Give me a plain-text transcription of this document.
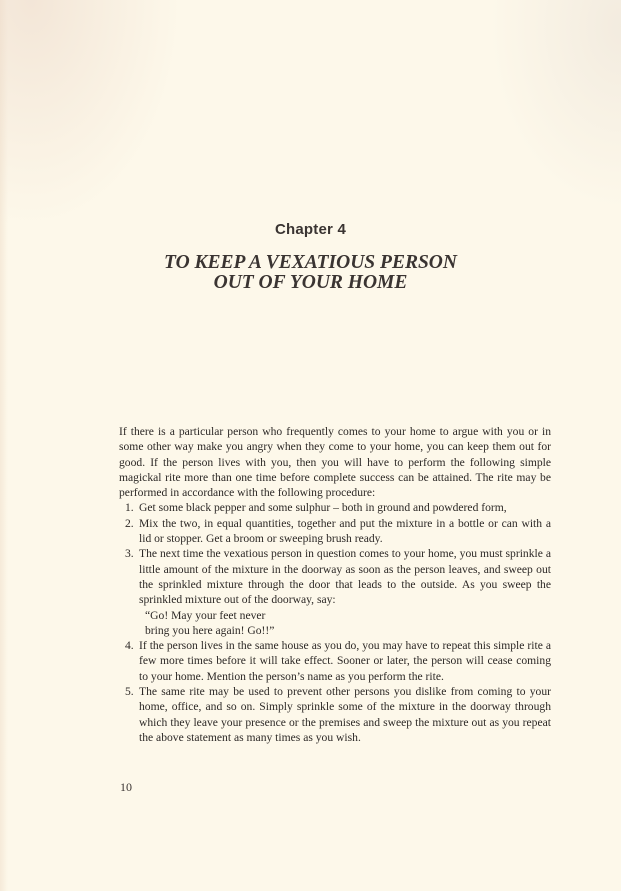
Chapter 4
TO KEEP A VEXATIOUS PERSON
OUT OF YOUR HOME

If there is a particular person who frequently comes to your home to argue with you or in some other way make you angry when they come to your home, you can keep them out for good. If the person lives with you, then you will have to perform the following simple magickal rite more than one time before complete success can be attained. The rite may be performed in accordance with the following procedure:

1. Get some black pepper and some sulphur – both in ground and powdered form,
2. Mix the two, in equal quantities, together and put the mixture in a bottle or can with a lid or stopper. Get a broom or sweeping brush ready.
3. The next time the vexatious person in question comes to your home, you must sprinkle a little amount of the mixture in the doorway as soon as the person leaves, and sweep out the sprinkled mixture through the door that leads to the outside. As you sweep the sprinkled mixture out of the doorway, say:
“Go! May your feet never
bring you here again! Go!!”
4. If the person lives in the same house as you do, you may have to repeat this simple rite a few more times before it will take effect. Sooner or later, the person will cease coming to your home. Mention the person’s name as you perform the rite.
5. The same rite may be used to prevent other persons you dislike from coming to your home, office, and so on. Simply sprinkle some of the mixture in the doorway through which they leave your presence or the premises and sweep the mixture out as you repeat the above statement as many times as you wish.
10
